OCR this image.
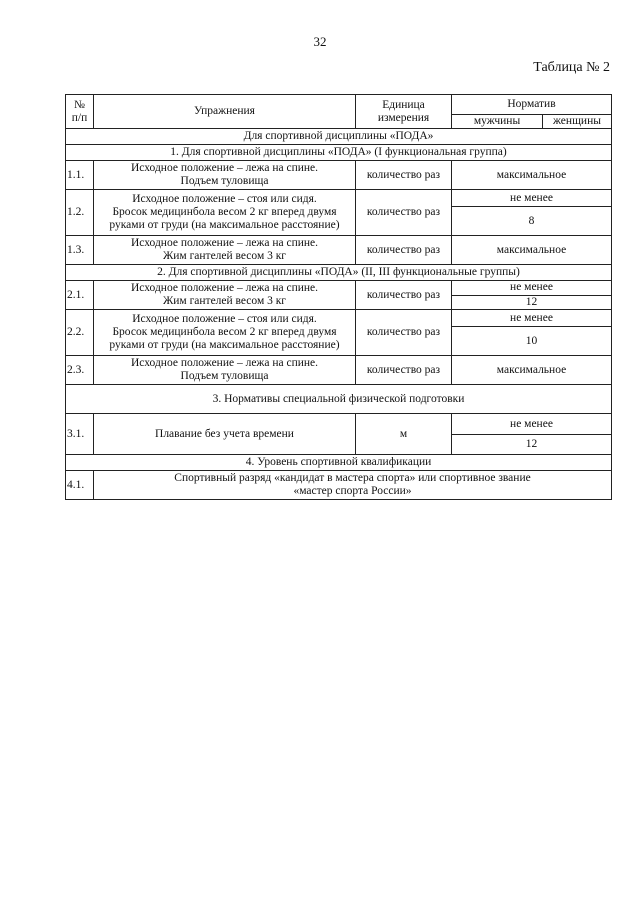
32
Таблица № 2
№ п/п	Упражнения	Единица измерения	Норматив	
			мужчины	женщины
Для спортивной дисциплины «ПОДА»				
1. Для спортивной дисциплины «ПОДА» (I функциональная группа)				
1.1.	Исходное положение – лежа на спине.
Подъем туловища	количество раз	максимальное	
1.2.	Исходное положение – стоя или сидя.
Бросок медицинбола весом 2 кг вперед двумя
руками от груди (на максимальное расстояние)	количество раз	не менее	
			8	
1.3.	Исходное положение – лежа на спине.
Жим гантелей весом 3 кг	количество раз	максимальное	
2. Для спортивной дисциплины «ПОДА» (II, III функциональные группы)				
2.1.	Исходное положение – лежа на спине.
Жим гантелей весом 3 кг	количество раз	не менее	
			12	
2.2.	Исходное положение – стоя или сидя.
Бросок медицинбола весом 2 кг вперед двумя
руками от груди (на максимальное расстояние)	количество раз	не менее	
			10	
2.3.	Исходное положение – лежа на спине.
Подъем туловища	количество раз	максимальное	
3. Нормативы специальной физической подготовки				
3.1.	Плавание без учета времени	м	не менее	
			12	
4. Уровень спортивной квалификации				
4.1.	Спортивный разряд «кандидат в мастера спорта» или спортивное звание
«мастер спорта России»			
